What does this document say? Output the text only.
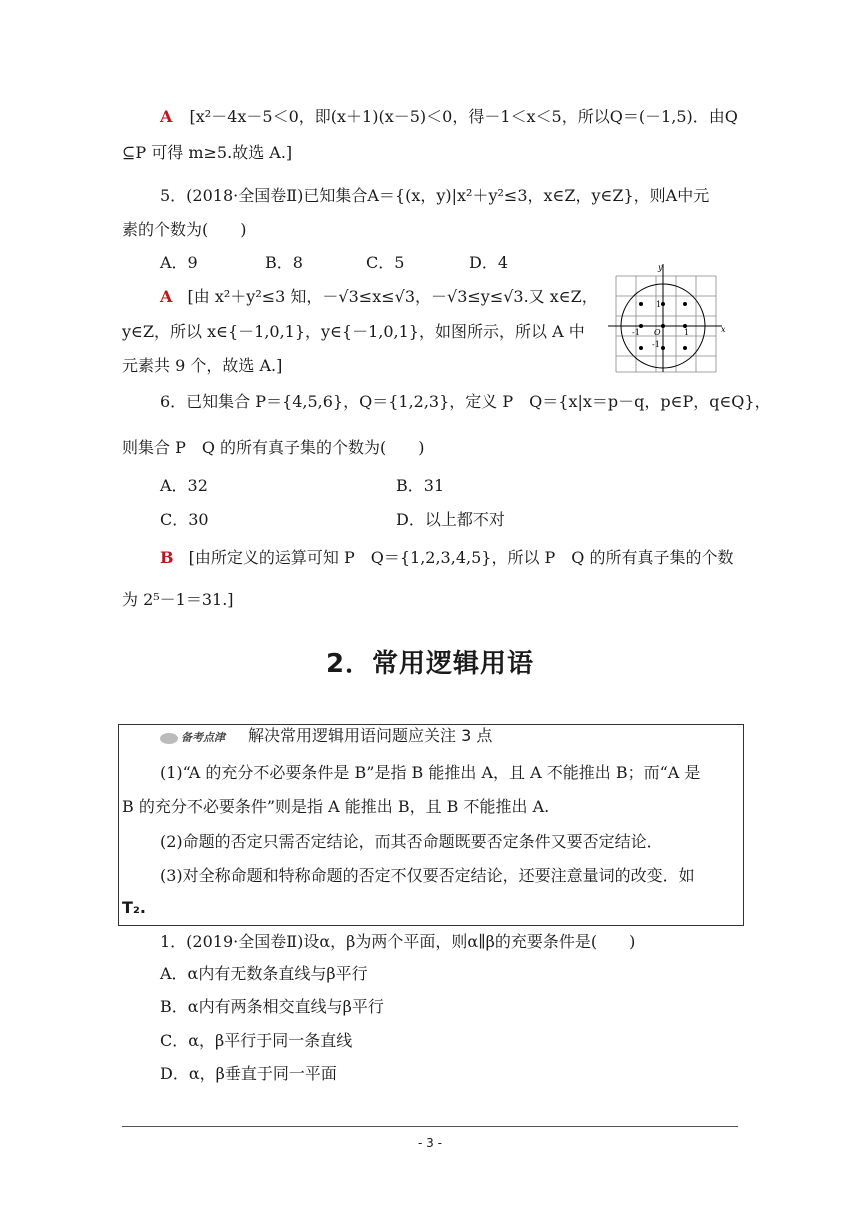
A [x²－4x－5＜0，即(x＋1)(x－5)＜0，得－1＜x＜5，所以Q＝(－1,5)．由Q
⊆P 可得 m≥5.故选 A.]
5．(2018·全国卷Ⅱ)已知集合A＝{(x，y)|x²＋y²≤3，x∈Z，y∈Z}，则A中元
素的个数为(　　)
A．9	B．8	C．5	D．4
A [由 x²＋y²≤3 知，－√3≤x≤√3，－√3≤y≤√3.又 x∈Z，
y∈Z，所以 x∈{－1,0,1}，y∈{－1,0,1}，如图所示，所以 A 中
元素共 9 个，故选 A.]
y
x
-1 O	1
1
-1
6．已知集合 P＝{4,5,6}，Q＝{1,2,3}，定义 P　Q＝{x|x＝p－q，p∈P，q∈Q}，
则集合 P　Q 的所有真子集的个数为(　　)
A．32	B．31
C．30	D．以上都不对
B [由所定义的运算可知 P　Q＝{1,2,3,4,5}，所以 P　Q 的所有真子集的个数
为 2⁵－1＝31.]
2．常用逻辑用语
备考点津	解决常用逻辑用语问题应关注 3 点
(1)“A 的充分不必要条件是 B”是指 B 能推出 A，且 A 不能推出 B；而“A 是
B 的充分不必要条件”则是指 A 能推出 B，且 B 不能推出 A.
(2)命题的否定只需否定结论，而其否命题既要否定条件又要否定结论．
(3)对全称命题和特称命题的否定不仅要否定结论，还要注意量词的改变．如
T₂.
1．(2019·全国卷Ⅱ)设α，β为两个平面，则α∥β的充要条件是(　　)
A．α内有无数条直线与β平行
B．α内有两条相交直线与β平行
C．α，β平行于同一条直线
D．α，β垂直于同一平面
- 3 -
